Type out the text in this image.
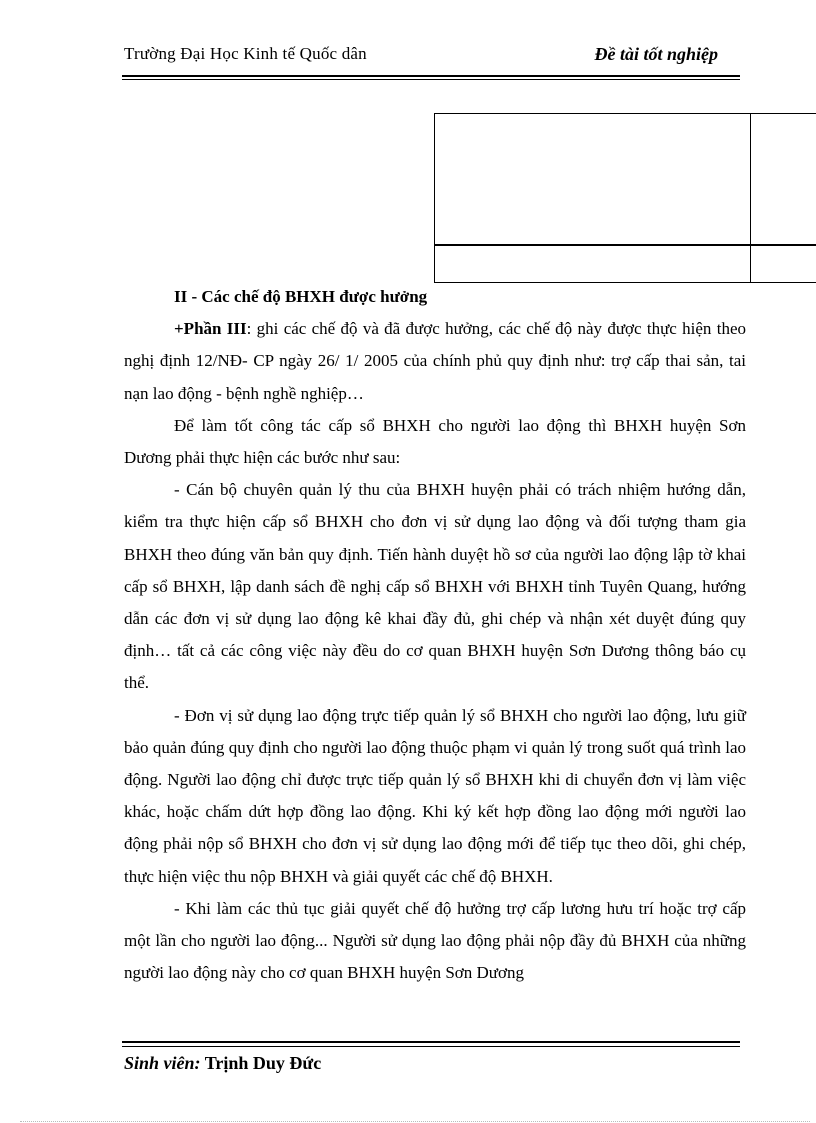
Trường Đại Học Kinh tế Quốc dân	Đề tài tốt nghiệp

II - Các chế độ BHXH được hưởng

+Phần III: ghi các chế độ và đã được hưởng, các chế độ này được thực hiện theo nghị định 12/NĐ- CP ngày 26/ 1/ 2005 của chính phủ quy định như: trợ cấp thai sản, tai nạn lao động - bệnh nghề nghiệp…

Để làm tốt công tác cấp sổ BHXH cho người lao động thì BHXH huyện Sơn Dương phải thực hiện các bước như sau:

- Cán bộ chuyên quản lý thu của BHXH huyện phải có trách nhiệm hướng dẫn, kiểm tra thực hiện cấp sổ BHXH cho đơn vị sử dụng lao động và đối tượng tham gia BHXH theo đúng văn bản quy định. Tiến hành duyệt hồ sơ của người lao động lập tờ khai cấp sổ BHXH, lập danh sách đề nghị cấp sổ BHXH với BHXH tỉnh Tuyên Quang, hướng dẫn các đơn vị sử dụng lao động kê khai đầy đủ, ghi chép và nhận xét duyệt đúng quy định… tất cả các công việc này đều do cơ quan BHXH huyện Sơn Dương thông báo cụ thể.

- Đơn vị sử dụng lao động trực tiếp quản lý sổ BHXH cho người lao động, lưu giữ bảo quản đúng quy định cho người lao động thuộc phạm vi quản lý trong suốt quá trình lao động. Người lao động chỉ được trực tiếp quản lý sổ BHXH khi di chuyển đơn vị làm việc khác, hoặc chấm dứt hợp đồng lao động. Khi ký kết hợp đồng lao động mới người lao động phải nộp sổ BHXH cho đơn vị sử dụng lao động mới để tiếp tục theo dõi, ghi chép, thực hiện việc thu nộp BHXH và giải quyết các chế độ BHXH.

- Khi làm các thủ tục giải quyết chế độ hưởng trợ cấp lương hưu trí hoặc trợ cấp một lần cho người lao động... Người sử dụng lao động phải nộp đầy đủ BHXH của những người lao động này cho cơ quan BHXH huyện Sơn Dương

Sinh viên: Trịnh Duy Đức
